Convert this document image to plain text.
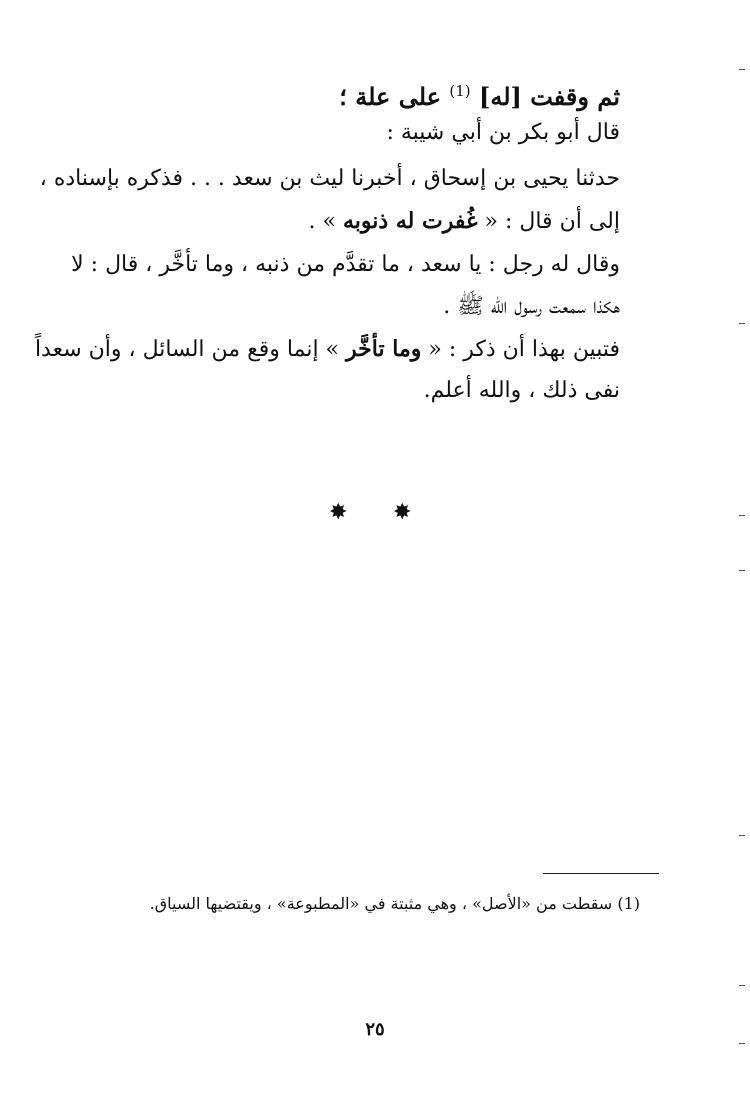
ثم وقفت [له] $^{(1)}$ على علة ؛
قال أبو بكر بن أبي شيبة :
حدثنا يحيى بن إسحاق ، أخبرنا ليث بن سعد . . . فذكره بإسناده ،
إلى أن قال : « غُفرت له ذنوبه » .
وقال له رجل : يا سعد ، ما تقدَّم من ذنبه ، وما تأخَّر ، قال : لا
هكذا سمعت رسول الله ﷺ .
فتبين بهذا أن ذكر : « وما تأخَّر » إنما وقع من السائل ، وأن سعداً
نفى ذلك ، والله أعلم.
✸
✸
(1) سقطت من «الأصل» ، وهي مثبتة في «المطبوعة» ، ويقتضيها السياق.
٢٥
